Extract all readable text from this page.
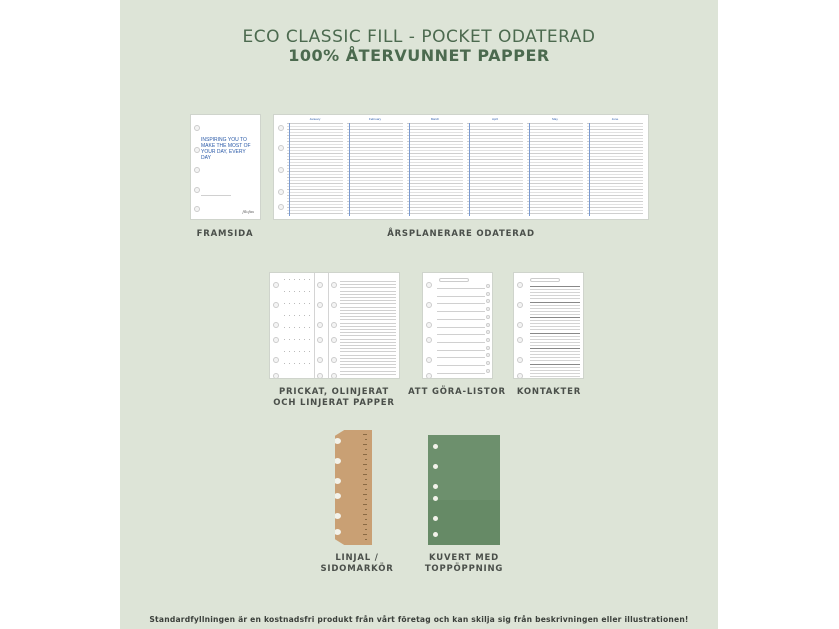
ECO CLASSIC FILL - POCKET ODATERAD
100% ÅTERVUNNET PAPPER
INSPIRING YOU TO MAKE THE MOST OF YOUR DAY, EVERY DAY
filofax
FRAMSIDA
January	February	March	April	May	June
ÅRSPLANERARE ODATERAD
PRICKAT, OLINJERAT
OCH LINJERAT PAPPER
ATT GÖRA-LISTOR	KONTAKTER
LINJAL /
SIDOMARKÖR
KUVERT MED
TOPPÖPPNING
Standardfyllningen är en kostnadsfri produkt från vårt företag och kan skilja sig från beskrivningen eller illustrationen!
